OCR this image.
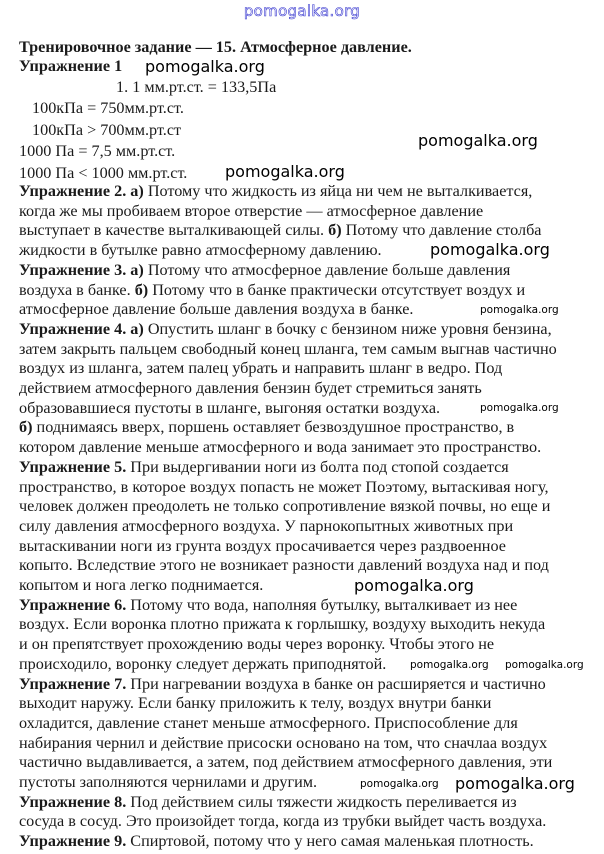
pomogalka.org
Тренировочное задание — 15. Атмосферное давление.
Упражнение 1
1. 1 мм.рт.ст. = 133,5Па
100кПа = 750мм.рт.ст.
100кПа > 700мм.рт.ст
1000 Па = 7,5 мм.рт.ст.
1000 Па < 1000 мм.рт.ст.
Упражнение 2. а) Потому что жидкость из яйца ни чем не выталкивается,
когда же мы пробиваем второе отверстие — атмосферное давление
выступает в качестве выталкивающей силы. б) Потому что давление столба
жидкости в бутылке равно атмосферному давлению.
Упражнение 3. а) Потому что атмосферное давление больше давления
воздуха в банке. б) Потому что в банке практически отсутствует воздух и
атмосферное давление больше давления воздуха в банке.
Упражнение 4. а) Опустить шланг в бочку с бензином ниже уровня бензина,
затем закрыть пальцем свободный конец шланга, тем самым выгнав частично
воздух из шланга, затем палец убрать и направить шланг в ведро. Под
действием атмосферного давления бензин будет стремиться занять
образовавшиеся пустоты в шланге, выгоняя остатки воздуха.
б) поднимаясь вверх, поршень оставляет безвоздушное пространство, в
котором давление меньше атмосферного и вода занимает это пространство.
Упражнение 5. При выдергивании ноги из болта под стопой создается
пространство, в которое воздух попасть не может Поэтому, вытаскивая ногу,
человек должен преодолеть не только сопротивление вязкой почвы, но еще и
силу давления атмосферного воздуха. У парнокопытных животных при
вытаскивании ноги из грунта воздух просачивается через раздвоенное
копыто. Вследствие этого не возникает разности давлений воздуха над и под
копытом и нога легко поднимается.
Упражнение 6. Потому что вода, наполняя бутылку, выталкивает из нее
воздух. Если воронка плотно прижата к горлышку, воздуху выходить некуда
и он препятствует прохождению воды через воронку. Чтобы этого не
происходило, воронку следует держать приподнятой.
Упражнение 7. При нагревании воздуха в банке он расширяется и частично
выходит наружу. Если банку приложить к телу, воздух внутри банки
охладится, давление станет меньше атмосферного. Приспособление для
набирания чернил и действие присоски основано на том, что сначлаа воздух
частично выдавливается, а затем, под действием атмосферного давления, эти
пустоты заполняются чернилами и другим.
Упражнение 8. Под действием силы тяжести жидкость переливается из
сосуда в сосуд. Это произойдет тогда, когда из трубки выйдет часть воздуха.
Упражнение 9. Спиртовой, потому что у него самая маленькая плотность.
pomogalka.org
pomogalka.org
pomogalka.org
pomogalka.org
pomogalka.org
pomogalka.org
pomogalka.org
pomogalka.org pomogalka.org
pomogalka.org pomogalka.org
